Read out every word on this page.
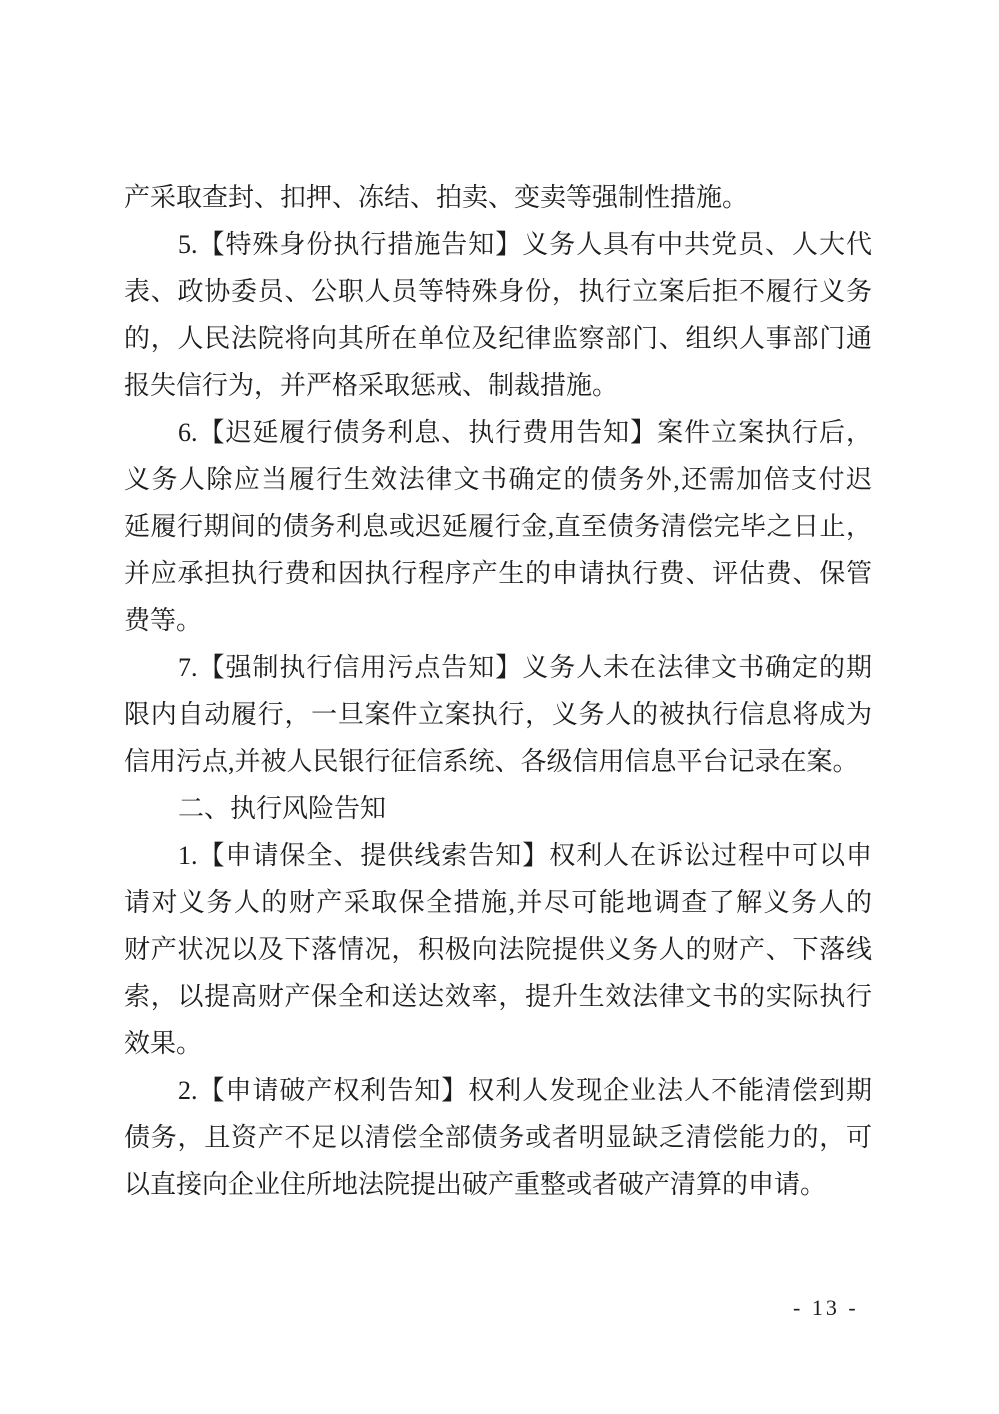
产采取查封、扣押、冻结、拍卖、变卖等强制性措施。
5.【特殊身份执行措施告知】义务人具有中共党员、人大代
表、政协委员、公职人员等特殊身份，执行立案后拒不履行义务
的，人民法院将向其所在单位及纪律监察部门、组织人事部门通
报失信行为，并严格采取惩戒、制裁措施。
6.【迟延履行债务利息、执行费用告知】案件立案执行后，
义务人除应当履行生效法律文书确定的债务外,还需加倍支付迟
延履行期间的债务利息或迟延履行金,直至债务清偿完毕之日止，
并应承担执行费和因执行程序产生的申请执行费、评估费、保管
费等。
7.【强制执行信用污点告知】义务人未在法律文书确定的期
限内自动履行，一旦案件立案执行，义务人的被执行信息将成为
信用污点,并被人民银行征信系统、各级信用信息平台记录在案。
二、执行风险告知
1.【申请保全、提供线索告知】权利人在诉讼过程中可以申
请对义务人的财产采取保全措施,并尽可能地调查了解义务人的
财产状况以及下落情况，积极向法院提供义务人的财产、下落线
索，以提高财产保全和送达效率，提升生效法律文书的实际执行
效果。
2.【申请破产权利告知】权利人发现企业法人不能清偿到期
债务，且资产不足以清偿全部债务或者明显缺乏清偿能力的，可
以直接向企业住所地法院提出破产重整或者破产清算的申请。
- 13 -
